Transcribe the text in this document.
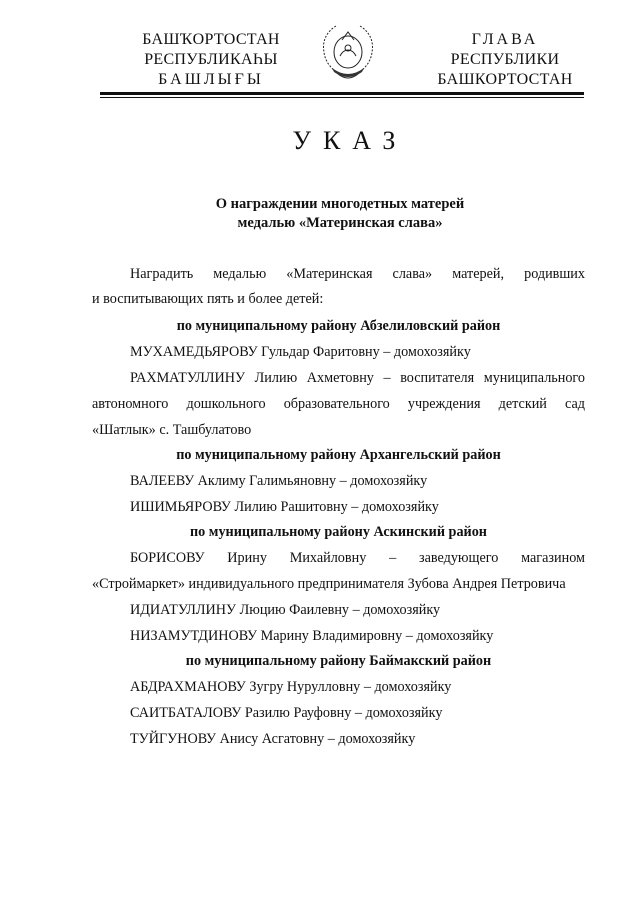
БАШҠОРТОСТАН
РЕСПУБЛИКАҺЫ
БАШЛЫҒЫ
ГЛАВА
РЕСПУБЛИКИ
БАШКОРТОСТАН
УКАЗ
О награждении многодетных матерей
медалью «Материнская слава»
Наградить медалью «Материнская слава» матерей, родивших
и воспитывающих пять и более детей:
по муниципальному району Абзелиловский район
МУХАМЕДЬЯРОВУ Гульдар Фаритовну – домохозяйку
РАХМАТУЛЛИНУ Лилию Ахметовну – воспитателя муниципального
автономного дошкольного образовательного учреждения детский сад
«Шатлык» с. Ташбулатово
по муниципальному району Архангельский район
ВАЛЕЕВУ Аклиму Галимьяновну – домохозяйку
ИШИМЬЯРОВУ Лилию Рашитовну – домохозяйку
по муниципальному району Аскинский район
БОРИСОВУ Ирину Михайловну – заведующего магазином
«Строймаркет» индивидуального предпринимателя Зубова Андрея Петровича
ИДИАТУЛЛИНУ Люцию Фаилевну – домохозяйку
НИЗАМУТДИНОВУ Марину Владимировну – домохозяйку
по муниципальному району Баймакский район
АБДРАХМАНОВУ Зугру Нурулловну – домохозяйку
САИТБАТАЛОВУ Разилю Рауфовну – домохозяйку
ТУЙГУНОВУ Анису Асгатовну – домохозяйку
